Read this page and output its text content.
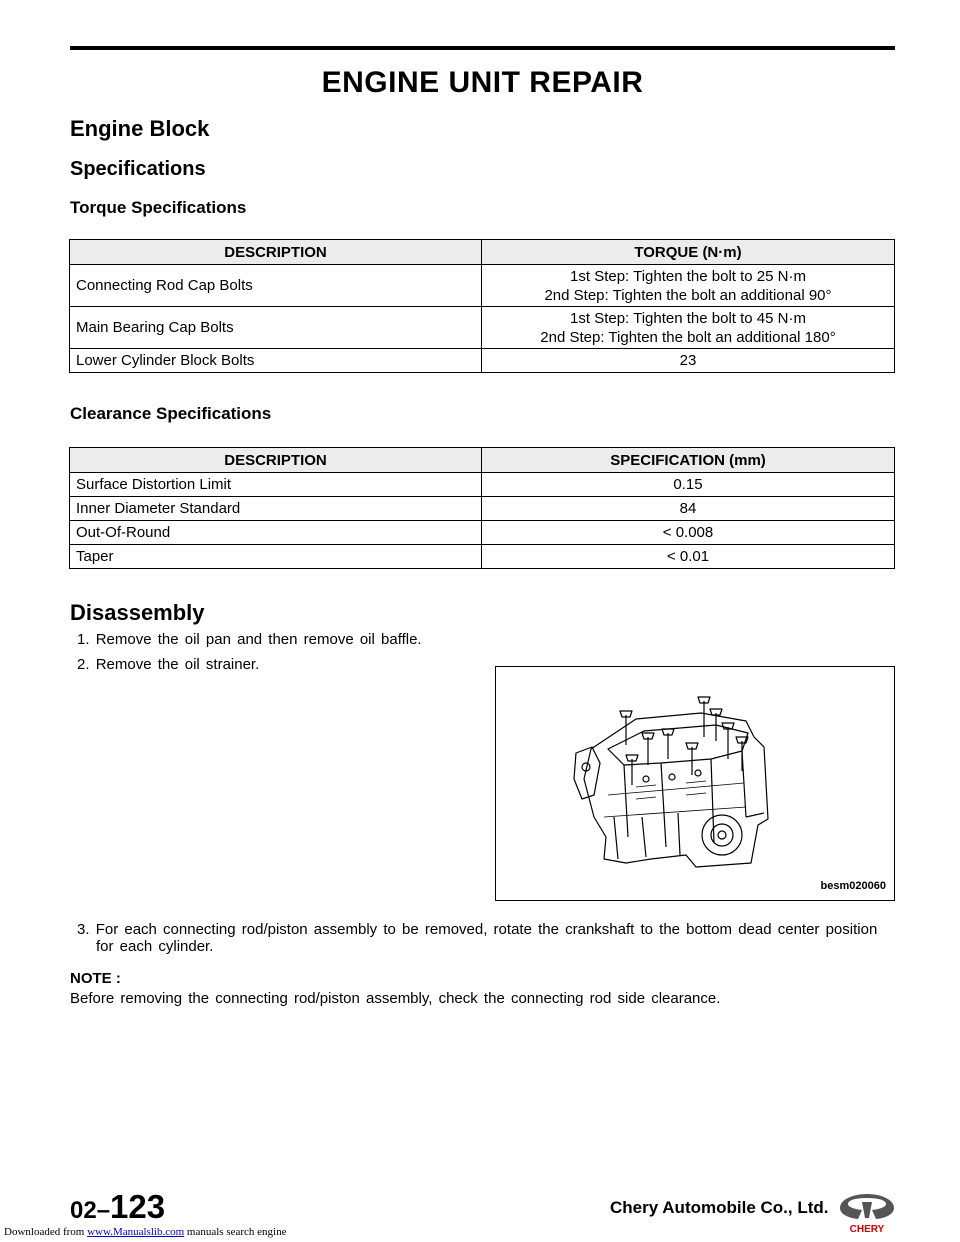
ENGINE UNIT REPAIR
Engine Block
Specifications
Torque Specifications
DESCRIPTION	TORQUE (N·m)
Connecting Rod Cap Bolts	1st Step: Tighten the bolt to 25 N·m
2nd Step: Tighten the bolt an additional 90°

Main Bearing Cap Bolts	1st Step: Tighten the bolt to 45 N·m
2nd Step: Tighten the bolt an additional 180°

Lower Cylinder Block Bolts	23
Clearance Specifications
DESCRIPTION	SPECIFICATION (mm)
Surface Distortion Limit	0.15
Inner Diameter Standard	84
Out-Of-Round	< 0.008
Taper	< 0.01
Disassembly
1. Remove the oil pan and then remove oil baffle.
2. Remove the oil strainer.
besm020060
3. For each connecting rod/piston assembly to be removed, rotate the crankshaft to the bottom dead center position
for each cylinder.
NOTE :
Before removing the connecting rod/piston assembly, check the connecting rod side clearance.
02–123	Chery Automobile Co., Ltd.
CHERY
Downloaded from www.Manualslib.com manuals search engine
